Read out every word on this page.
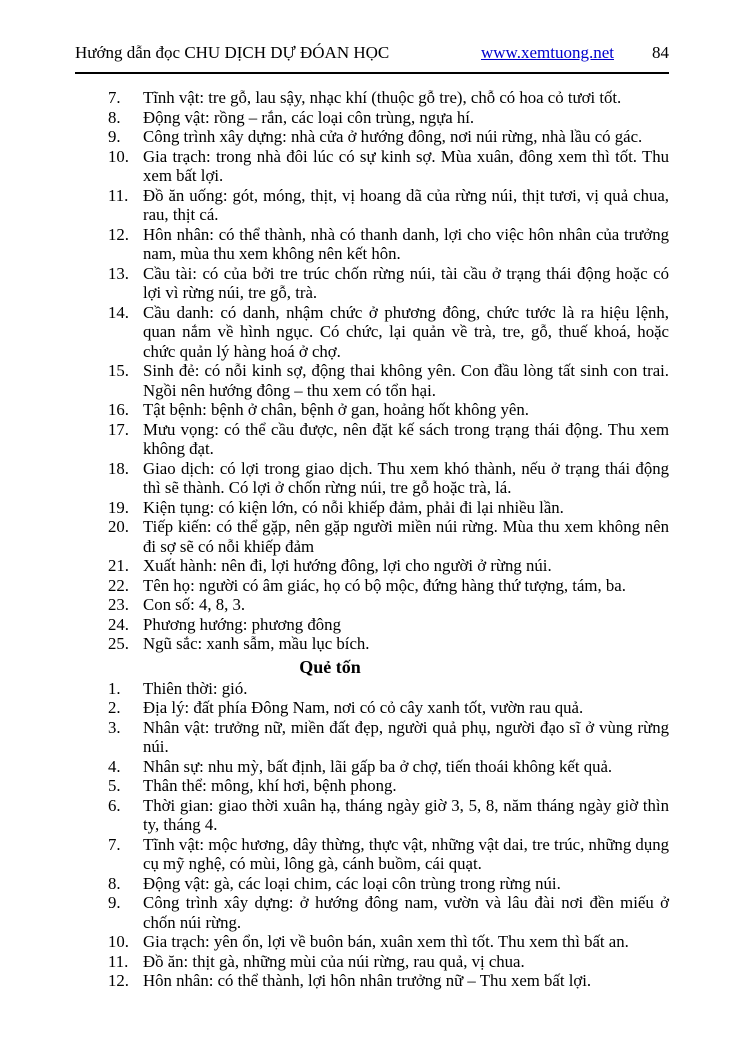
Hướng dẫn đọc CHU DỊCH DỰ ĐÓAN HỌC	www.xemtuong.net 84
7. Tĩnh vật: tre gỗ, lau sậy, nhạc khí (thuộc gỗ tre), chỗ có hoa cỏ tươi tốt.
8. Động vật: rồng – rắn, các loại côn trùng, ngựa hí.
9. Công trình xây dựng: nhà cửa ở hướng đông, nơi núi rừng, nhà lầu có gác.
10. Gia trạch: trong nhà đôi lúc có sự kinh sợ. Mùa xuân, đông xem thì tốt. Thu xem bất lợi.
11. Đồ ăn uống: gót, móng, thịt, vị hoang dã của rừng núi, thịt tươi, vị quả chua, rau, thịt cá.
12. Hôn nhân: có thể thành, nhà có thanh danh, lợi cho việc hôn nhân của trưởng nam, mùa thu xem không nên kết hôn.
13. Cầu tài: có của bởi tre trúc chốn rừng núi, tài cầu ở trạng thái động hoặc có lợi vì rừng núi, tre gỗ, trà.
14. Cầu danh: có danh, nhậm chức ở phương đông, chức tước là ra hiệu lệnh, quan nắm về hình ngục. Có chức, lại quản về trà, tre, gỗ, thuế khoá, hoặc chức quản lý hàng hoá ở chợ.
15. Sinh đẻ: có nỗi kinh sợ, động thai không yên. Con đầu lòng tất sinh con trai. Ngồi nên hướng đông – thu xem có tổn hại.
16. Tật bệnh: bệnh ở chân, bệnh ở gan, hoảng hốt không yên.
17. Mưu vọng: có thể cầu được, nên đặt kế sách trong trạng thái động. Thu xem không đạt.
18. Giao dịch: có lợi trong giao dịch. Thu xem khó thành, nếu ở trạng thái động thì sẽ thành. Có lợi ở chốn rừng núi, tre gỗ hoặc trà, lá.
19. Kiện tụng: có kiện lớn, có nỗi khiếp đảm, phải đi lại nhiều lần.
20. Tiếp kiến: có thể gặp, nên gặp người miền núi rừng. Mùa thu xem không nên đi sợ sẽ có nỗi khiếp đảm
21. Xuất hành: nên đi, lợi hướng đông, lợi cho người ở rừng núi.
22. Tên họ: người có âm giác, họ có bộ mộc, đứng hàng thứ tượng, tám, ba.
23. Con số: 4, 8, 3.
24. Phương hướng: phương đông
25. Ngũ sắc: xanh sẫm, mầu lục bích.
Quẻ tốn
1. Thiên thời: gió.
2. Địa lý: đất phía Đông Nam, nơi có cỏ cây xanh tốt, vườn rau quả.
3. Nhân vật: trưởng nữ, miền đất đẹp, người quả phụ, người đạo sĩ ở vùng rừng núi.
4. Nhân sự: nhu mỳ, bất định, lãi gấp ba ở chợ, tiến thoái không kết quả.
5. Thân thể: mông, khí hơi, bệnh phong.
6. Thời gian: giao thời xuân hạ, tháng ngày giờ 3, 5, 8, năm tháng ngày giờ thìn ty, tháng 4.
7. Tĩnh vật: mộc hương, dây thừng, thực vật, những vật dai, tre trúc, những dụng cụ mỹ nghệ, có mùi, lông gà, cánh buồm, cái quạt.
8. Động vật: gà, các loại chim, các loại côn trùng trong rừng núi.
9. Công trình xây dựng: ở hướng đông nam, vườn và lâu đài nơi đền miếu ở chốn núi rừng.
10. Gia trạch: yên ổn, lợi về buôn bán, xuân xem thì tốt. Thu xem thì bất an.
11. Đồ ăn: thịt gà, những mùi của núi rừng, rau quả, vị chua.
12. Hôn nhân: có thể thành, lợi hôn nhân trưởng nữ – Thu xem bất lợi.
